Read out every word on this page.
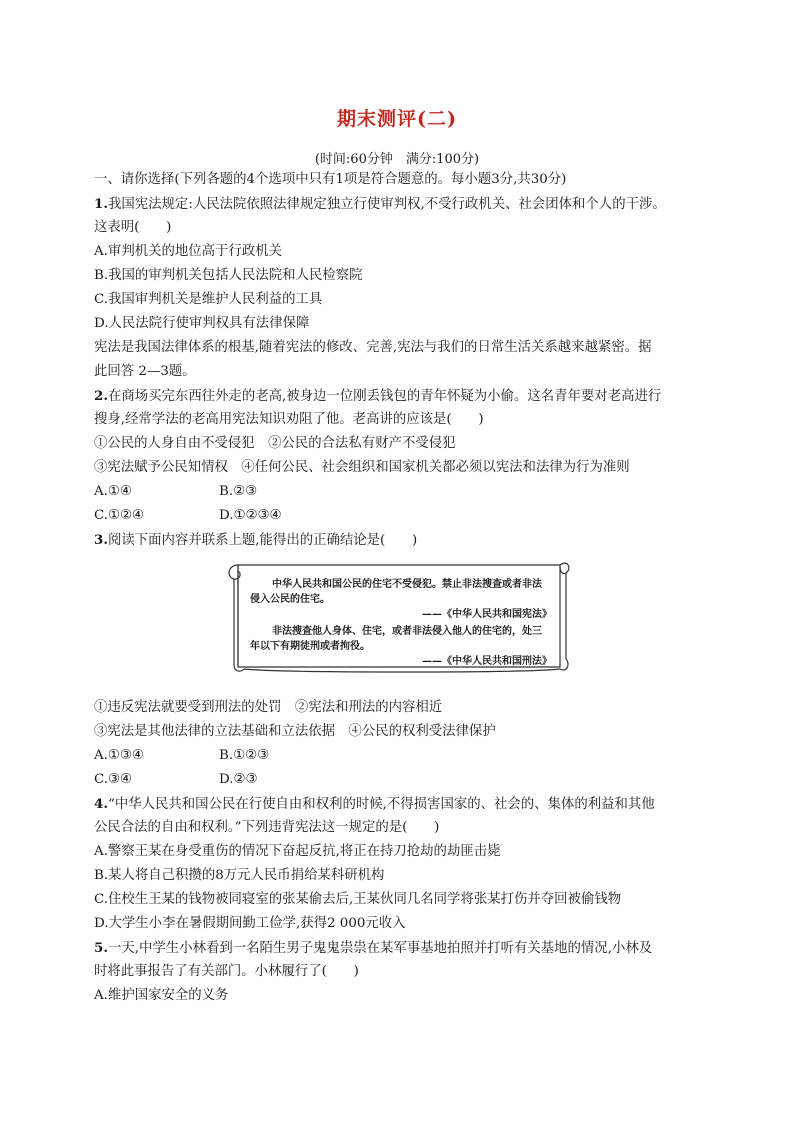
期末测评(二)
(时间:60分钟　满分:100分)
一、请你选择(下列各题的4个选项中只有1项是符合题意的。每小题3分,共30分)
1.我国宪法规定:人民法院依照法律规定独立行使审判权,不受行政机关、社会团体和个人的干涉。
这表明(　　)
A.审判机关的地位高于行政机关
B.我国的审判机关包括人民法院和人民检察院
C.我国审判机关是维护人民利益的工具
D.人民法院行使审判权具有法律保障
宪法是我国法律体系的根基,随着宪法的修改、完善,宪法与我们的日常生活关系越来越紧密。据
此回答 2—3题。
2.在商场买完东西往外走的老高,被身边一位刚丢钱包的青年怀疑为小偷。这名青年要对老高进行
搜身,经常学法的老高用宪法知识劝阻了他。老高讲的应该是(　　)
①公民的人身自由不受侵犯　②公民的合法私有财产不受侵犯
③宪法赋予公民知情权　④任何公民、社会组织和国家机关都必须以宪法和法律为行为准则
A.①④	B.②③
C.①②④	D.①②③④
3.阅读下面内容并联系上题,能得出的正确结论是(　　)
中华人民共和国公民的住宅不受侵犯。禁止非法搜查或者非法
侵入公民的住宅。
——《中华人民共和国宪法》
非法搜查他人身体、住宅，或者非法侵入他人的住宅的，处三
年以下有期徒刑或者拘役。
——《中华人民共和国刑法》
①违反宪法就要受到刑法的处罚　②宪法和刑法的内容相近
③宪法是其他法律的立法基础和立法依据　④公民的权利受法律保护
A.①③④	B.①②③
C.③④	D.②③
4.“中华人民共和国公民在行使自由和权利的时候,不得损害国家的、社会的、集体的利益和其他
公民合法的自由和权利。”下列违背宪法这一规定的是(　　)
A.警察王某在身受重伤的情况下奋起反抗,将正在持刀抢劫的劫匪击毙
B.某人将自己积攒的8万元人民币捐给某科研机构
C.住校生王某的钱物被同寝室的张某偷去后,王某伙同几名同学将张某打伤并夺回被偷钱物
D.大学生小李在暑假期间勤工俭学,获得2 000元收入
5.一天,中学生小林看到一名陌生男子鬼鬼祟祟在某军事基地拍照并打听有关基地的情况,小林及
时将此事报告了有关部门。小林履行了(　　)
A.维护国家安全的义务
